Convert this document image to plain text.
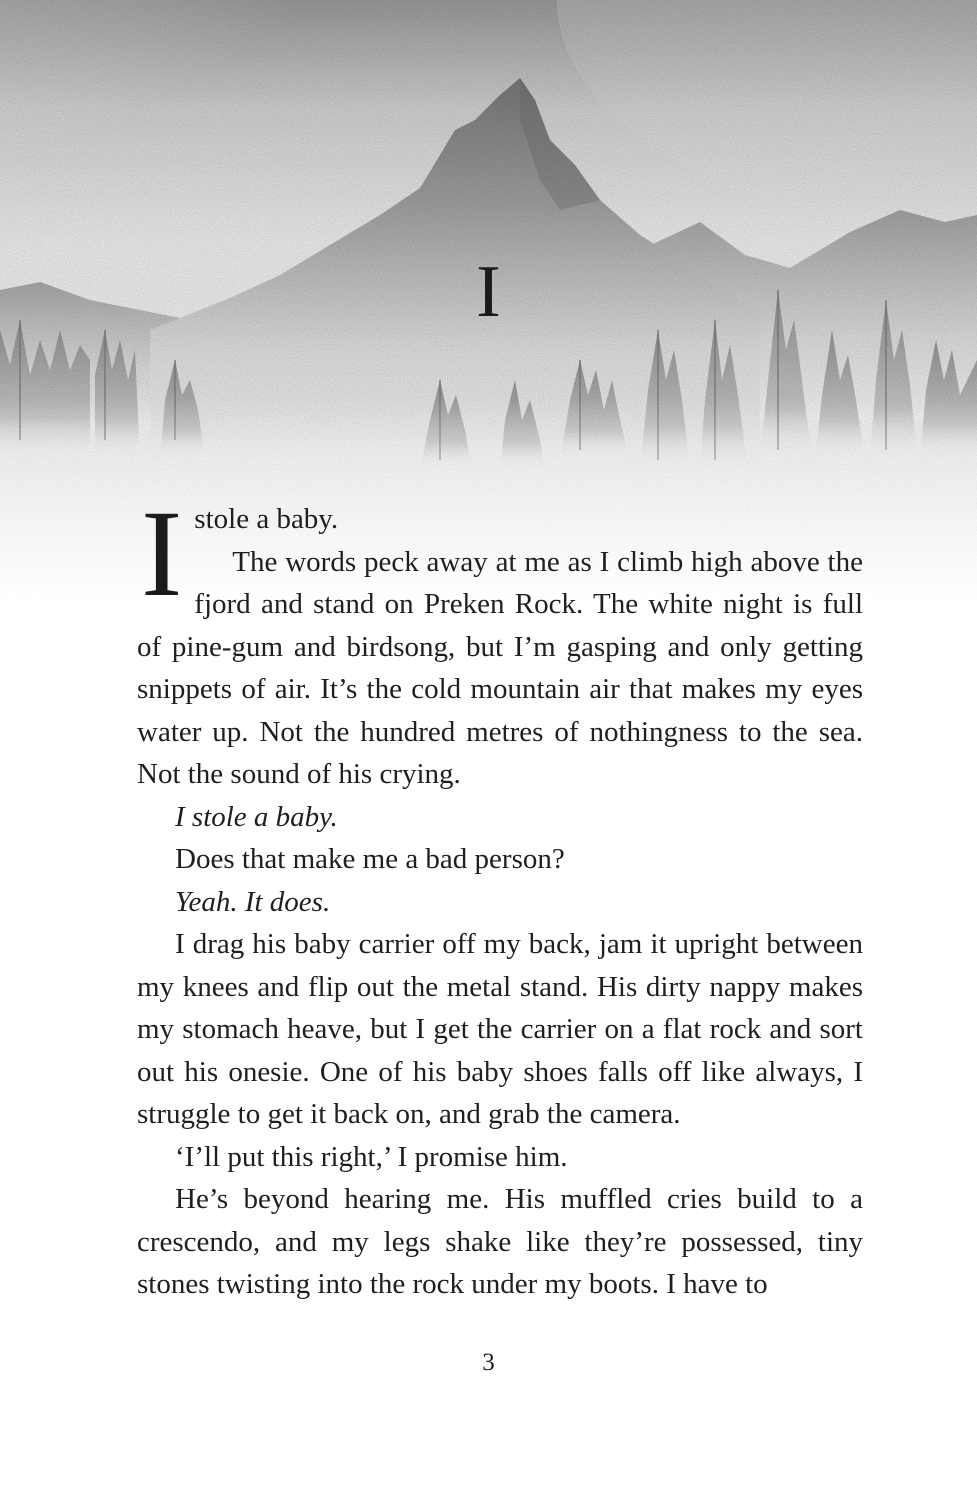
I

Istole a baby.

The words peck away at me as I climb high above the fjord and stand on Preken Rock. The white night is full of pine-gum and birdsong, but I’m gasping and only getting snippets of air. It’s the cold mountain air that makes my eyes water up. Not the hundred metres of nothingness to the sea. Not the sound of his crying.

I stole a baby.

Does that make me a bad person?

Yeah. It does.

I drag his baby carrier off my back, jam it upright between my knees and flip out the metal stand. His dirty nappy makes my stomach heave, but I get the carrier on a flat rock and sort out his onesie. One of his baby shoes falls off like always, I struggle to get it back on, and grab the camera.

‘I’ll put this right,’ I promise him.

He’s beyond hearing me. His muffled cries build to a crescendo, and my legs shake like they’re possessed, tiny stones twisting into the rock under my boots. I have to

3
